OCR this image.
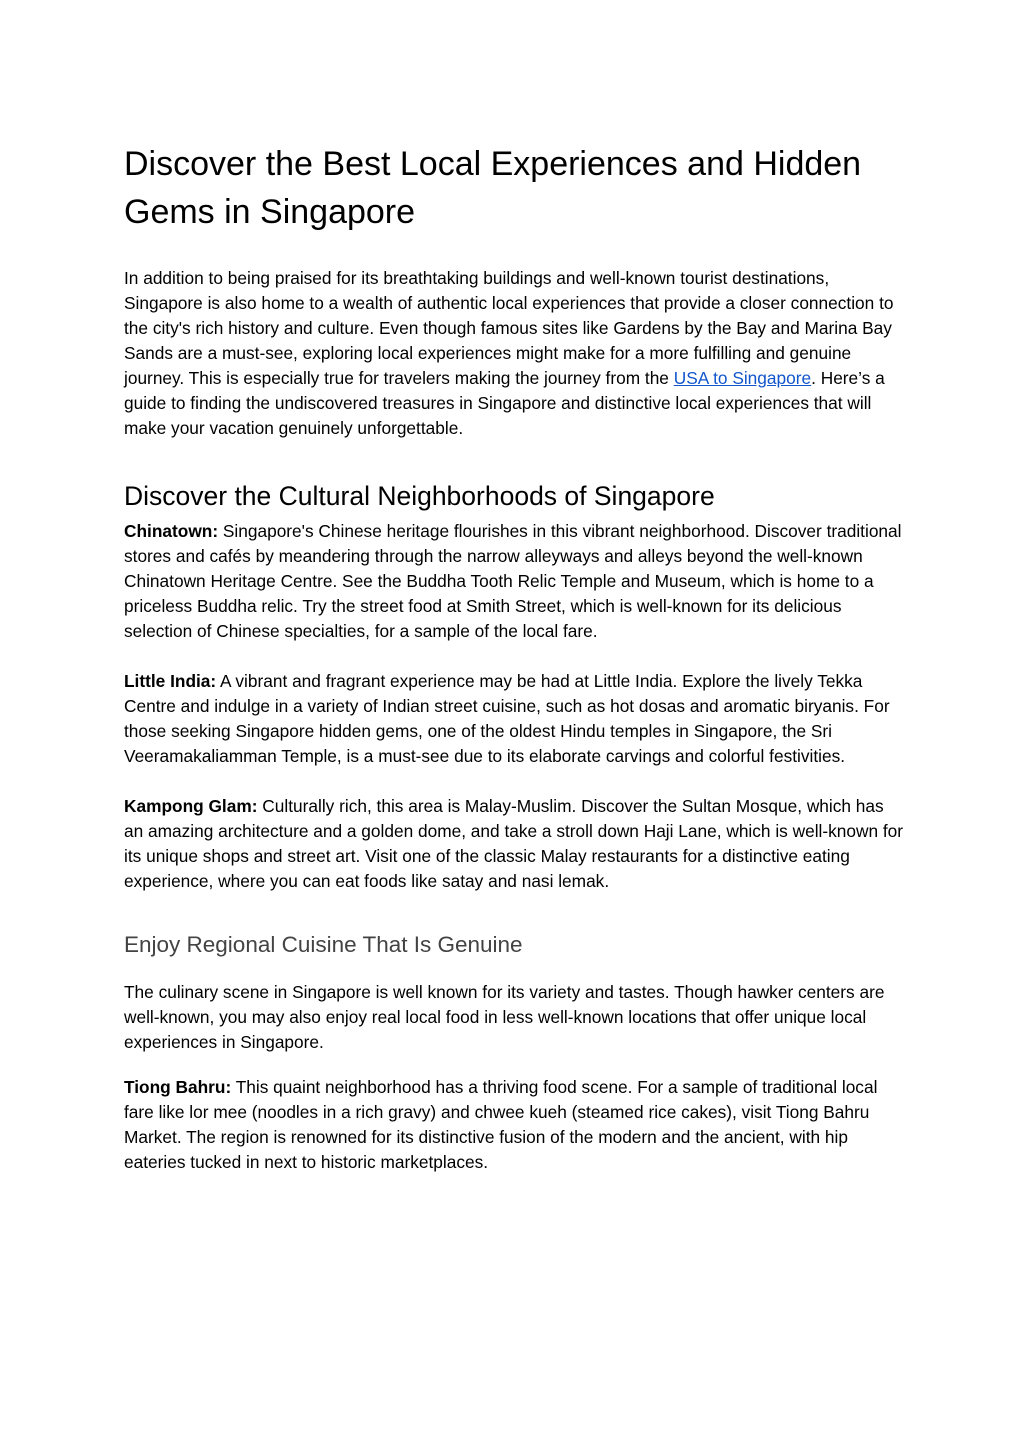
Discover the Best Local Experiences and Hidden Gems in Singapore

In addition to being praised for its breathtaking buildings and well-known tourist destinations, Singapore is also home to a wealth of authentic local experiences that provide a closer connection to the city's rich history and culture. Even though famous sites like Gardens by the Bay and Marina Bay Sands are a must-see, exploring local experiences might make for a more fulfilling and genuine journey. This is especially true for travelers making the journey from the USA to Singapore. Here’s a guide to finding the undiscovered treasures in Singapore and distinctive local experiences that will make your vacation genuinely unforgettable.

Discover the Cultural Neighborhoods of Singapore

Chinatown: Singapore's Chinese heritage flourishes in this vibrant neighborhood. Discover traditional stores and cafés by meandering through the narrow alleyways and alleys beyond the well-known Chinatown Heritage Centre. See the Buddha Tooth Relic Temple and Museum, which is home to a priceless Buddha relic. Try the street food at Smith Street, which is well-known for its delicious selection of Chinese specialties, for a sample of the local fare.

Little India: A vibrant and fragrant experience may be had at Little India. Explore the lively Tekka Centre and indulge in a variety of Indian street cuisine, such as hot dosas and aromatic biryanis. For those seeking Singapore hidden gems, one of the oldest Hindu temples in Singapore, the Sri Veeramakaliamman Temple, is a must-see due to its elaborate carvings and colorful festivities.

Kampong Glam: Culturally rich, this area is Malay-Muslim. Discover the Sultan Mosque, which has an amazing architecture and a golden dome, and take a stroll down Haji Lane, which is well-known for its unique shops and street art. Visit one of the classic Malay restaurants for a distinctive eating experience, where you can eat foods like satay and nasi lemak.

Enjoy Regional Cuisine That Is Genuine

The culinary scene in Singapore is well known for its variety and tastes. Though hawker centers are well-known, you may also enjoy real local food in less well-known locations that offer unique local experiences in Singapore.

Tiong Bahru: This quaint neighborhood has a thriving food scene. For a sample of traditional local fare like lor mee (noodles in a rich gravy) and chwee kueh (steamed rice cakes), visit Tiong Bahru Market. The region is renowned for its distinctive fusion of the modern and the ancient, with hip eateries tucked in next to historic marketplaces.
